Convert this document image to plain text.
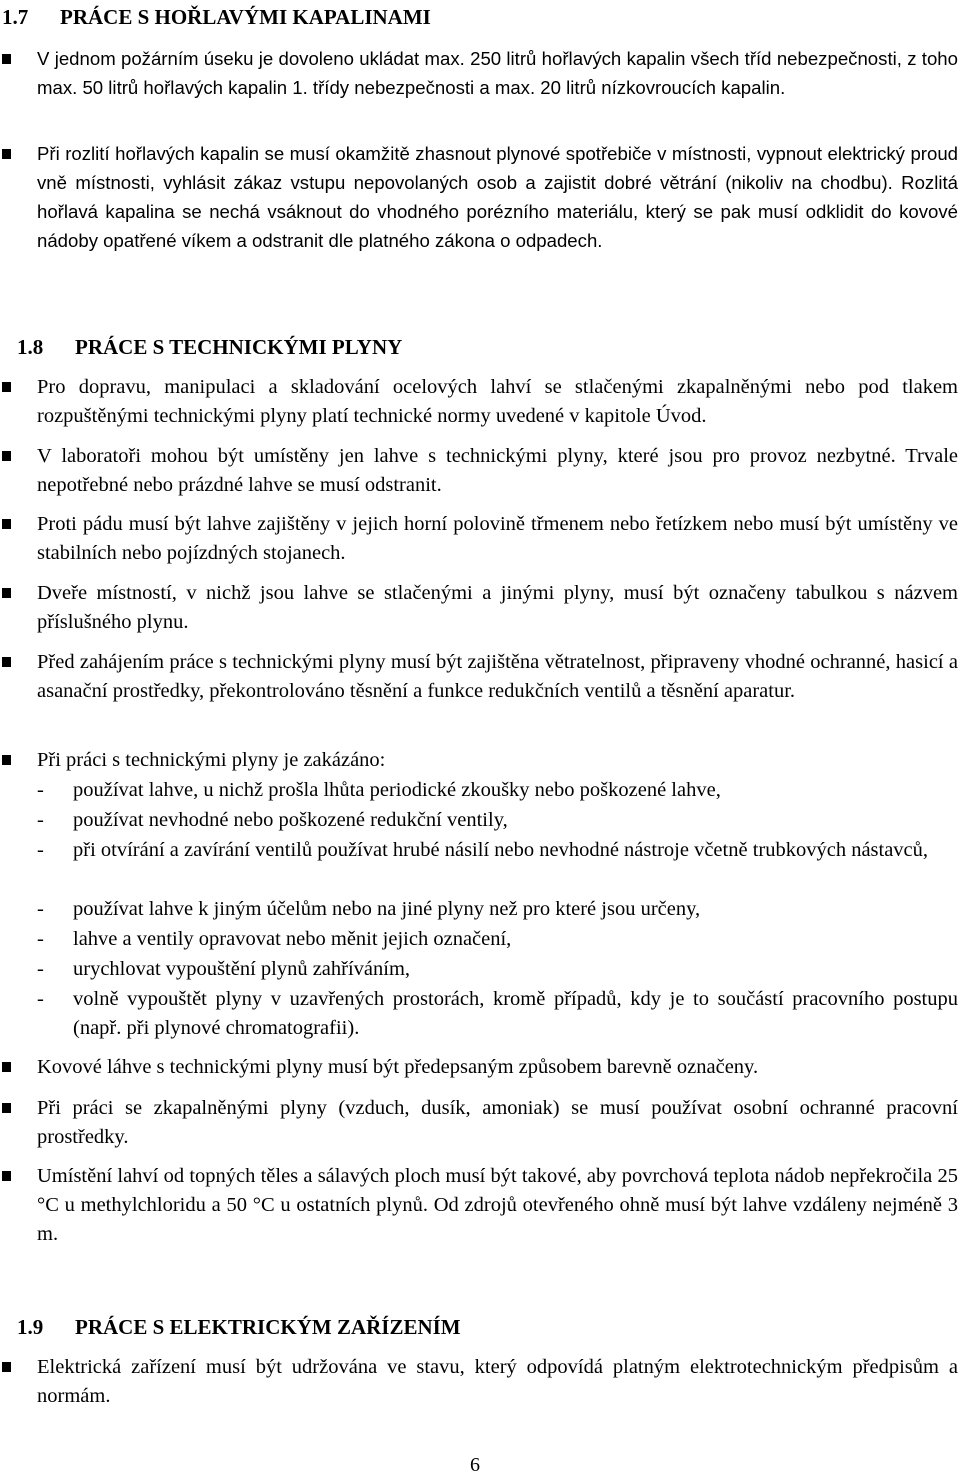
1.7 PRÁCE S HOŘLAVÝMI KAPALINAMI
V jednom požárním úseku je dovoleno ukládat max. 250 litrů hořlavých kapalin všech tříd nebezpečnosti, z toho max. 50 litrů hořlavých kapalin 1. třídy nebezpečnosti a max. 20 litrů nízkovroucích kapalin.
Při rozlití hořlavých kapalin se musí okamžitě zhasnout plynové spotřebiče v místnosti, vypnout elektrický proud vně místnosti, vyhlásit zákaz vstupu nepovolaných osob a zajistit dobré větrání (nikoliv na chodbu). Rozlitá hořlavá kapalina se nechá vsáknout do vhodného porézního materiálu, který se pak musí odklidit do kovové nádoby opatřené víkem a odstranit dle platného zákona o odpadech.
1.8 PRÁCE S TECHNICKÝMI PLYNY
Pro dopravu, manipulaci a skladování ocelových lahví se stlačenými zkapalněnými nebo pod tlakem rozpuštěnými technickými plyny platí technické normy uvedené v kapitole Úvod.
V laboratoři mohou být umístěny jen lahve s technickými plyny, které jsou pro provoz nezbytné. Trvale nepotřebné nebo prázdné lahve se musí odstranit.
Proti pádu musí být lahve zajištěny v jejich horní polovině třmenem nebo řetízkem nebo musí být umístěny ve stabilních nebo pojízdných stojanech.
Dveře místností, v nichž jsou lahve se stlačenými a jinými plyny, musí být označeny tabulkou s názvem příslušného plynu.
Před zahájením práce s technickými plyny musí být zajištěna větratelnost, připraveny vhodné ochranné, hasicí a asanační prostředky, překontrolováno těsnění a funkce redukčních ventilů a těsnění aparatur.
Při práci s technickými plyny je zakázáno:
- používat lahve, u nichž prošla lhůta periodické zkoušky nebo poškozené lahve,
- používat nevhodné nebo poškozené redukční ventily,
- při otvírání a zavírání ventilů používat hrubé násilí nebo nevhodné nástroje včetně trubkových nástavců,
- používat lahve k jiným účelům nebo na jiné plyny než pro které jsou určeny,
- lahve a ventily opravovat nebo měnit jejich označení,
- urychlovat vypouštění plynů zahříváním,
- volně vypouštět plyny v uzavřených prostorách, kromě případů, kdy je to součástí pracovního postupu (např. při plynové chromatografii).
Kovové láhve s technickými plyny musí být předepsaným způsobem barevně označeny.
Při práci se zkapalněnými plyny (vzduch, dusík, amoniak) se musí používat osobní ochranné pracovní prostředky.
Umístění lahví od topných těles a sálavých ploch musí být takové, aby povrchová teplota nádob nepřekročila 25 °C u methylchloridu a 50 °C u ostatních plynů. Od zdrojů otevřeného ohně musí být lahve vzdáleny nejméně 3 m.
1.9 PRÁCE S ELEKTRICKÝM ZAŘÍZENÍM
Elektrická zařízení musí být udržována ve stavu, který odpovídá platným elektrotechnickým předpisům a normám.
6
